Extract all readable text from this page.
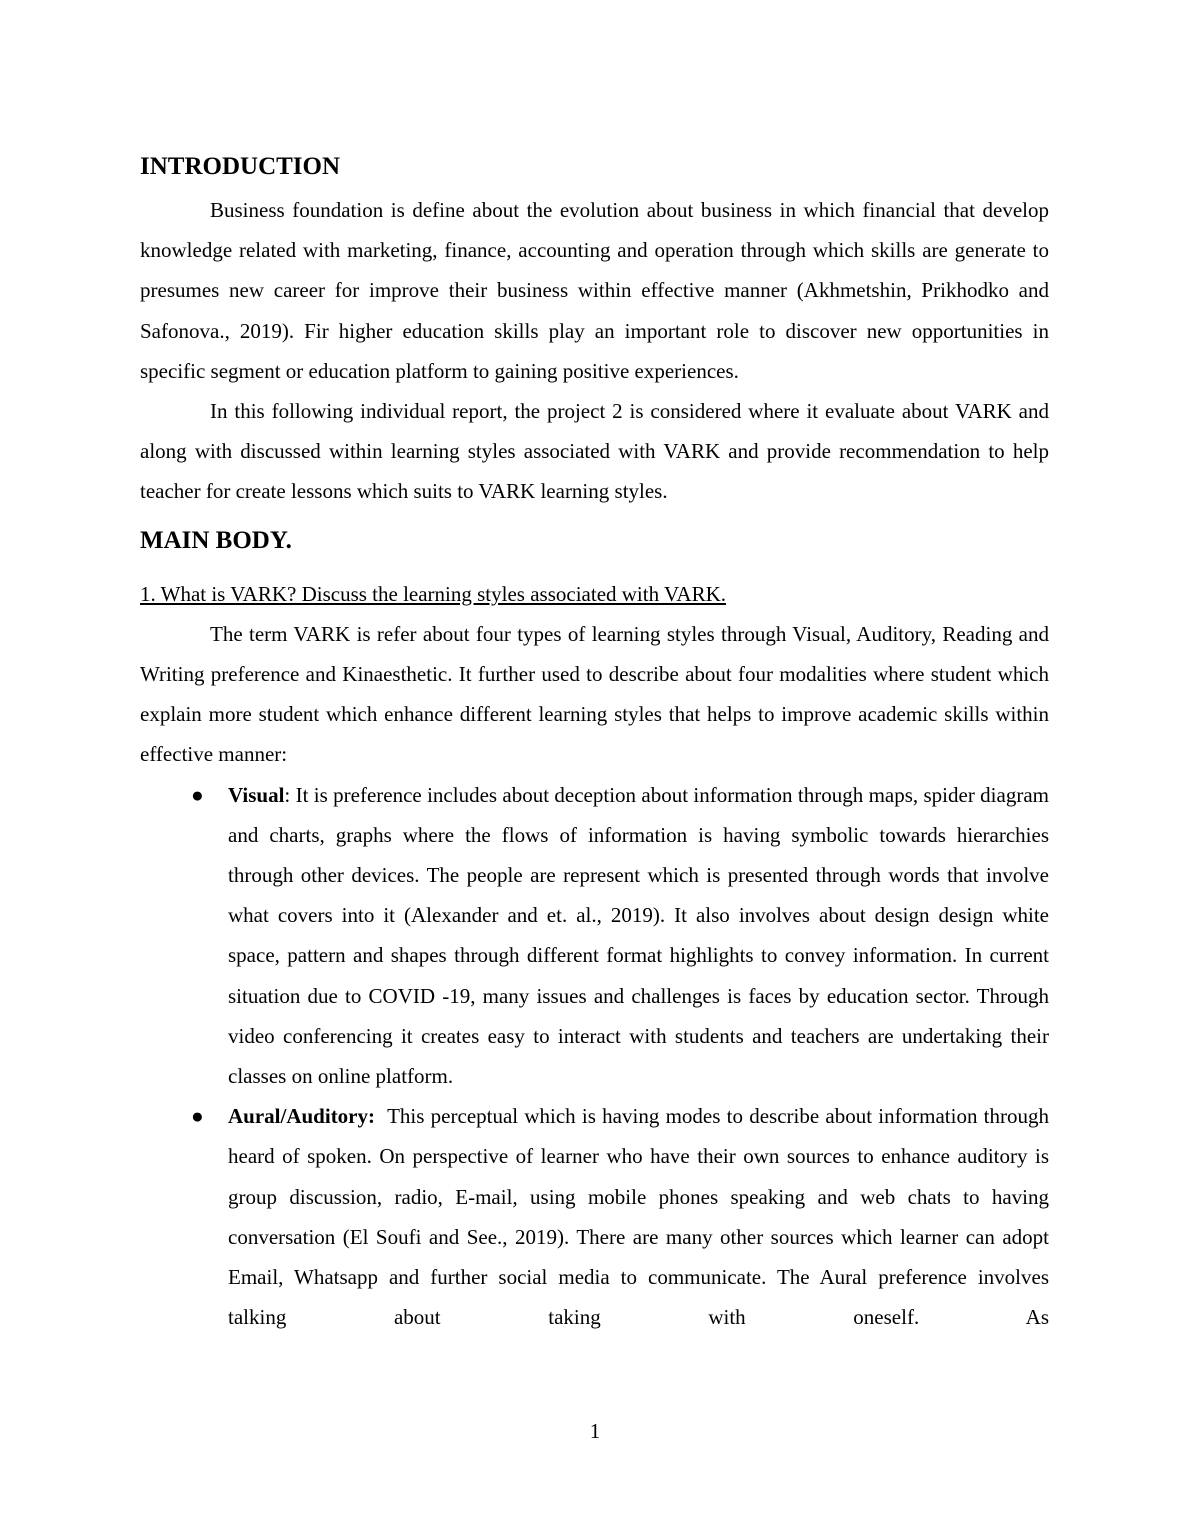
INTRODUCTION

Business foundation is define about the evolution about business in which financial that develop knowledge related with marketing, finance, accounting and operation through which skills are generate to presumes new career for improve their business within effective manner (Akhmetshin, Prikhodko and Safonova., 2019). Fir higher education skills play an important role to discover new opportunities in specific segment or education platform to gaining positive experiences.

In this following individual report, the project 2 is considered where it evaluate about VARK and along with discussed within learning styles associated with VARK and provide recommendation to help teacher for create lessons which suits to VARK learning styles.

MAIN BODY.
1. What is VARK? Discuss the learning styles associated with VARK.

The term VARK is refer about four types of learning styles through Visual, Auditory, Reading and Writing preference and Kinaesthetic. It further used to describe about four modalities where student which explain more student which enhance different learning styles that helps to improve academic skills within effective manner:

● Visual: It is preference includes about deception about information through maps, spider diagram and charts, graphs where the flows of information is having symbolic towards hierarchies through other devices. The people are represent which is presented through words that involve what covers into it (Alexander and et. al., 2019). It also involves about design design white space, pattern and shapes through different format highlights to convey information. In current situation due to COVID -19, many issues and challenges is faces by education sector. Through video conferencing it creates easy to interact with students and teachers are undertaking their classes on online platform.
● Aural/Auditory: This perceptual which is having modes to describe about information through heard of spoken. On perspective of learner who have their own sources to enhance auditory is group discussion, radio, E-mail, using mobile phones speaking and web chats to having conversation (El Soufi and See., 2019). There are many other sources which learner can adopt Email, Whatsapp and further social media to communicate. The Aural preference involves talking about taking with oneself. As
1
